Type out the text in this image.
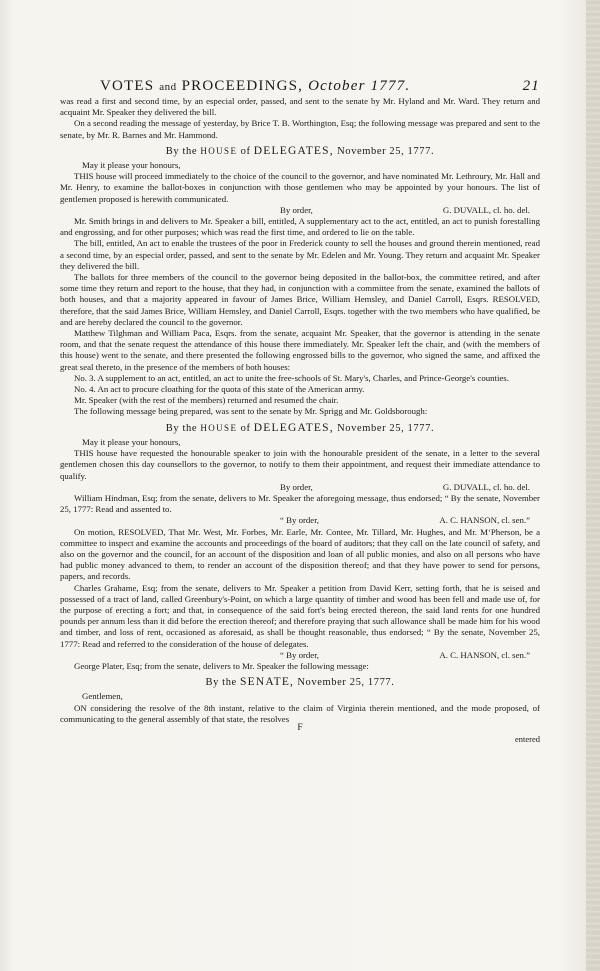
VOTES and PROCEEDINGS, October 1777.	21

was read a first and second time, by an especial order, passed, and sent to the senate by Mr. Hyland and Mr. Ward. They return and acquaint Mr. Speaker they delivered the bill.

On a second reading the message of yesterday, by Brice T. B. Worthington, Esq; the following message was prepared and sent to the senate, by Mr. R. Barnes and Mr. Hammond.

By the HOUSE of DELEGATES, November 25, 1777.

May it please your honours,

THIS house will proceed immediately to the choice of the council to the governor, and have nominated Mr. Lethroury, Mr. Hall and Mr. Henry, to examine the ballot-boxes in conjunction with those gentlemen who may be appointed by your honours. The list of gentlemen proposed is herewith communicated.

By order,	G. DUVALL, cl. ho. del.

Mr. Smith brings in and delivers to Mr. Speaker a bill, entitled, A supplementary act to the act, entitled, an act to punish forestalling and engrossing, and for other purposes; which was read the first time, and ordered to lie on the table.

The bill, entitled, An act to enable the trustees of the poor in Frederick county to sell the houses and ground therein mentioned, read a second time, by an especial order, passed, and sent to the senate by Mr. Edelen and Mr. Young. They return and acquaint Mr. Speaker they delivered the bill.

The ballots for three members of the council to the governor being deposited in the ballot-box, the committee retired, and after some time they return and report to the house, that they had, in conjunction with a committee from the senate, examined the ballots of both houses, and that a majority appeared in favour of James Brice, William Hemsley, and Daniel Carroll, Esqrs. RESOLVED, therefore, that the said James Brice, William Hemsley, and Daniel Carroll, Esqrs. together with the two members who have qualified, be and are hereby declared the council to the governor.

Matthew Tilghman and William Paca, Esqrs. from the senate, acquaint Mr. Speaker, that the governor is attending in the senate room, and that the senate request the attendance of this house there immediately. Mr. Speaker left the chair, and (with the members of this house) went to the senate, and there presented the following engrossed bills to the governor, who signed the same, and affixed the great seal thereto, in the presence of the members of both houses:

No. 3. A supplement to an act, entitled, an act to unite the free-schools of St. Mary's, Charles, and Prince-George's counties.

No. 4. An act to procure cloathing for the quota of this state of the American army.

Mr. Speaker (with the rest of the members) returned and resumed the chair.

The following message being prepared, was sent to the senate by Mr. Sprigg and Mr. Goldsborough:

By the HOUSE of DELEGATES, November 25, 1777.

May it please your honours,

THIS house have requested the honourable speaker to join with the honourable president of the senate, in a letter to the several gentlemen chosen this day counsellors to the governor, to notify to them their appointment, and request their immediate attendance to qualify.

By order,	G. DUVALL, cl. ho. del.

William Hindman, Esq; from the senate, delivers to Mr. Speaker the aforegoing message, thus endorsed; “ By the senate, November 25, 1777: Read and assented to.

“ By order,	A. C. HANSON, cl. sen.”

On motion, RESOLVED, That Mr. West, Mr. Forbes, Mr. Earle, Mr. Contee, Mr. Tillard, Mr. Hughes, and Mr. M‘Pherson, be a committee to inspect and examine the accounts and proceedings of the board of auditors; that they call on the late council of safety, and also on the governor and the council, for an account of the disposition and loan of all public monies, and also on all persons who have had public money advanced to them, to render an account of the disposition thereof; and that they have power to send for persons, papers, and records.

Charles Grahame, Esq; from the senate, delivers to Mr. Speaker a petition from David Kerr, setting forth, that he is seised and possessed of a tract of land, called Greenbury's-Point, on which a large quantity of timber and wood has been fell and made use of, for the purpose of erecting a fort; and that, in consequence of the said fort's being erected thereon, the said land rents for one hundred pounds per annum less than it did before the erection thereof; and therefore praying that such allowance shall be made him for his wood and timber, and loss of rent, occasioned as aforesaid, as shall be thought reasonable, thus endorsed; “ By the senate, November 25, 1777: Read and referred to the consideration of the house of delegates.

“ By order,	A. C. HANSON, cl. sen.”

George Plater, Esq; from the senate, delivers to Mr. Speaker the following message:

By the SENATE, November 25, 1777.

Gentlemen,

ON considering the resolve of the 8th instant, relative to the claim of Virginia therein mentioned, and the mode proposed, of communicating to the general assembly of that state, the resolves

F
entered
